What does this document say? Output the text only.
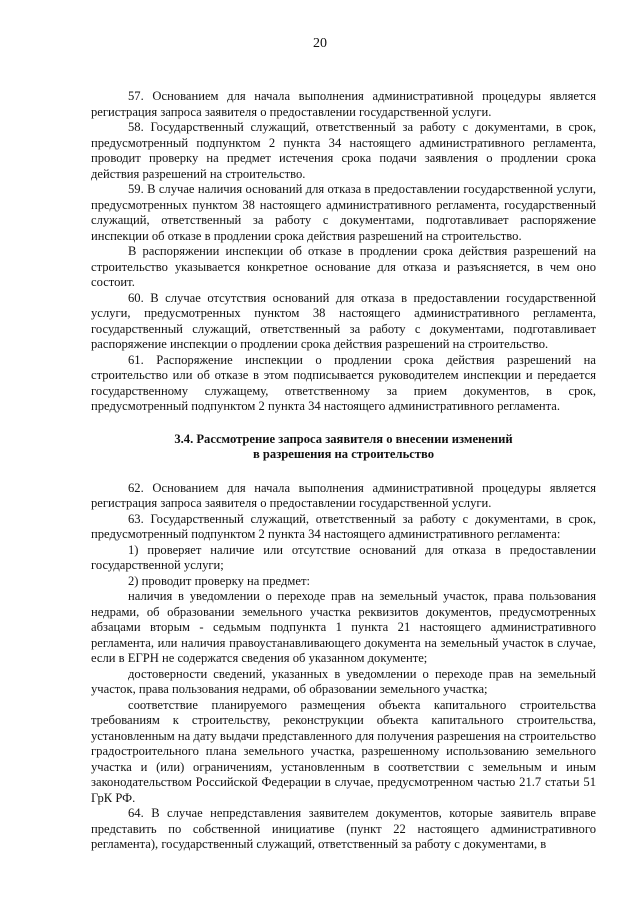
20

57. Основанием для начала выполнения административной процедуры является регистрация запроса заявителя о предоставлении государственной услуги.

58. Государственный служащий, ответственный за работу с документами, в срок, предусмотренный подпунктом 2 пункта 34 настоящего административного регламента, проводит проверку на предмет истечения срока подачи заявления о продлении срока действия разрешений на строительство.

59. В случае наличия оснований для отказа в предоставлении государственной услуги, предусмотренных пунктом 38 настоящего административного регламента, государственный служащий, ответственный за работу с документами, подготавливает распоряжение инспекции об отказе в продлении срока действия разрешений на строительство.

В распоряжении инспекции об отказе в продлении срока действия разрешений на строительство указывается конкретное основание для отказа и разъясняется, в чем оно состоит.

60. В случае отсутствия оснований для отказа в предоставлении государственной услуги, предусмотренных пунктом 38 настоящего административного регламента, государственный служащий, ответственный за работу с документами, подготавливает распоряжение инспекции о продлении срока действия разрешений на строительство.

61. Распоряжение инспекции о продлении срока действия разрешений на строительство или об отказе в этом подписывается руководителем инспекции и передается государственному служащему, ответственному за прием документов, в срок, предусмотренный подпунктом 2 пункта 34 настоящего административного регламента.

3.4. Рассмотрение запроса заявителя о внесении изменений
в разрешения на строительство

62. Основанием для начала выполнения административной процедуры является регистрация запроса заявителя о предоставлении государственной услуги.

63. Государственный служащий, ответственный за работу с документами, в срок, предусмотренный подпунктом 2 пункта 34 настоящего административного регламента:

1) проверяет наличие или отсутствие оснований для отказа в предоставлении государственной услуги;

2) проводит проверку на предмет:

наличия в уведомлении о переходе прав на земельный участок, права пользования недрами, об образовании земельного участка реквизитов документов, предусмотренных абзацами вторым - седьмым подпункта 1 пункта 21 настоящего административного регламента, или наличия правоустанавливающего документа на земельный участок в случае, если в ЕГРН не содержатся сведения об указанном документе;

достоверности сведений, указанных в уведомлении о переходе прав на земельный участок, права пользования недрами, об образовании земельного участка;

соответствие планируемого размещения объекта капитального строительства требованиям к строительству, реконструкции объекта капитального строительства, установленным на дату выдачи представленного для получения разрешения на строительство градостроительного плана земельного участка, разрешенному использованию земельного участка и (или) ограничениям, установленным в соответствии с земельным и иным законодательством Российской Федерации в случае, предусмотренном частью 21.7 статьи 51 ГрК РФ.

64. В случае непредставления заявителем документов, которые заявитель вправе представить по собственной инициативе (пункт 22 настоящего административного регламента), государственный служащий, ответственный за работу с документами, в
